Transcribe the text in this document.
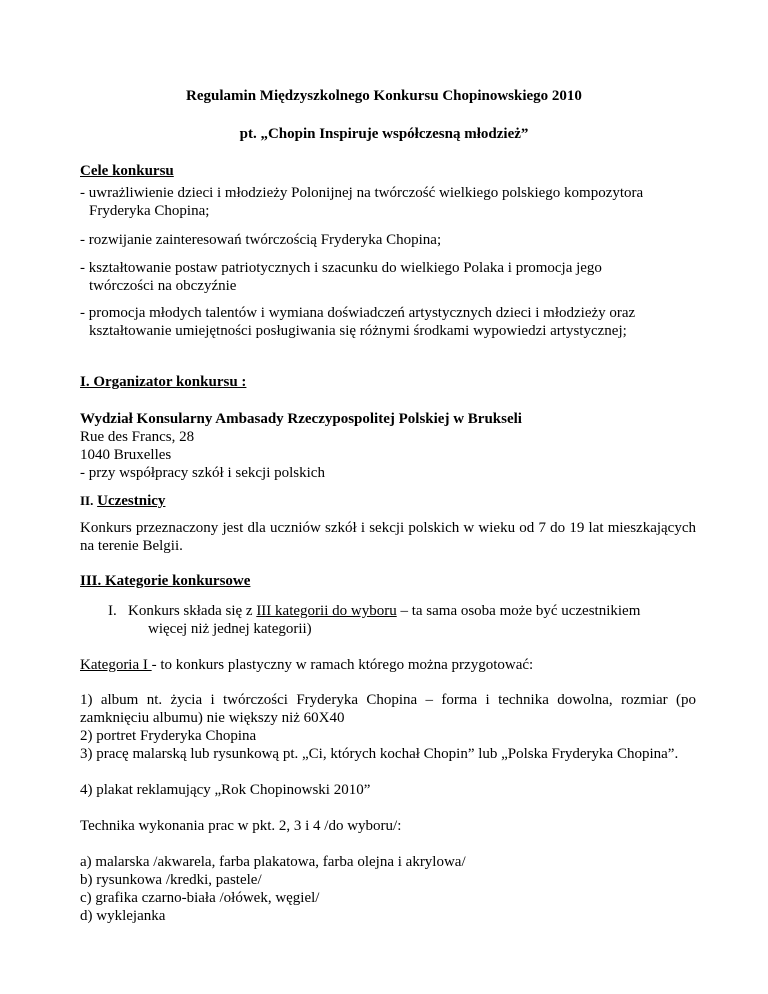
Regulamin Międzyszkolnego Konkursu Chopinowskiego 2010

pt. „Chopin Inspiruje współczesną młodzież”

Cele konkursu

- uwrażliwienie dzieci i młodzieży Polonijnej na twórczość wielkiego polskiego kompozytora Fryderyka Chopina;

- rozwijanie zainteresowań twórczością Fryderyka Chopina;

- kształtowanie postaw patriotycznych i szacunku do wielkiego Polaka i promocja jego twórczości na obczyźnie

- promocja młodych talentów i wymiana doświadczeń artystycznych dzieci i młodzieży oraz kształtowanie umiejętności posługiwania się różnymi środkami wypowiedzi artystycznej;

I. Organizator konkursu :

Wydział Konsularny Ambasady Rzeczypospolitej Polskiej w Brukseli

Rue des Francs, 28

1040 Bruxelles

- przy współpracy szkół i sekcji polskich

II. Uczestnicy

Konkurs przeznaczony jest dla uczniów szkół i sekcji polskich w wieku od 7 do 19 lat mieszkających na terenie Belgii.

III. Kategorie konkursowe

I. Konkurs składa się z III kategorii do wyboru – ta sama osoba może być uczestnikiem
więcej niż jednej kategorii)

Kategoria I - to konkurs plastyczny w ramach którego można przygotować:

1) album nt. życia i twórczości Fryderyka Chopina – forma i technika dowolna, rozmiar (po zamknięciu albumu) nie większy niż 60X40

2) portret Fryderyka Chopina

3) pracę malarską lub rysunkową pt. „Ci, których kochał Chopin” lub „Polska Fryderyka Chopina”.

4) plakat reklamujący „Rok Chopinowski 2010”

Technika wykonania prac w pkt. 2, 3 i 4 /do wyboru/:

a) malarska /akwarela, farba plakatowa, farba olejna i akrylowa/

b) rysunkowa /kredki, pastele/

c) grafika czarno-biała /ołówek, węgiel/

d) wyklejanka
